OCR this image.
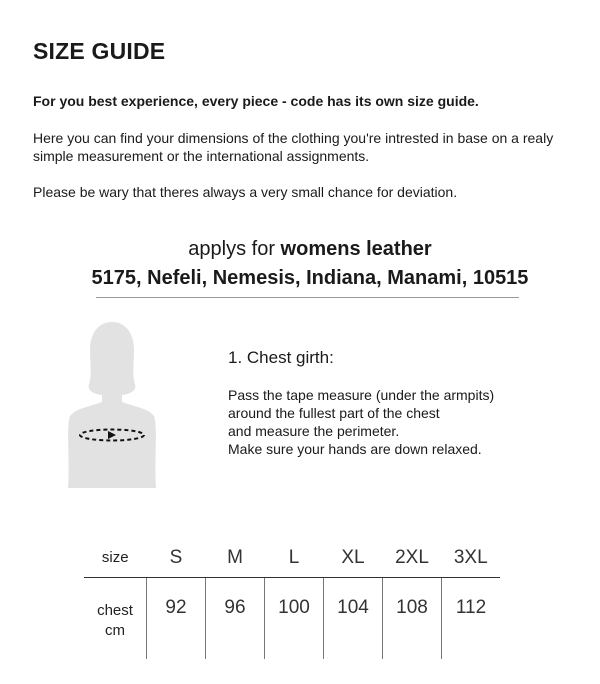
SIZE GUIDE
For you best experience, every piece - code has its own size guide.
Here you can find your dimensions of the clothing you're intrested in base on a realy simple measurement or the international assignments.
Please be wary that theres always a very small chance for deviation.
applys for womens leather
5175, Nefeli, Nemesis, Indiana, Manami, 10515
1. Chest girth:
Pass the tape measure (under the armpits)
around the fullest part of the chest
and measure the perimeter.
Make sure your hands are down relaxed.
size	S	M	L	XL	2XL	3XL

chest
cm	92	96	100	104	108	112
